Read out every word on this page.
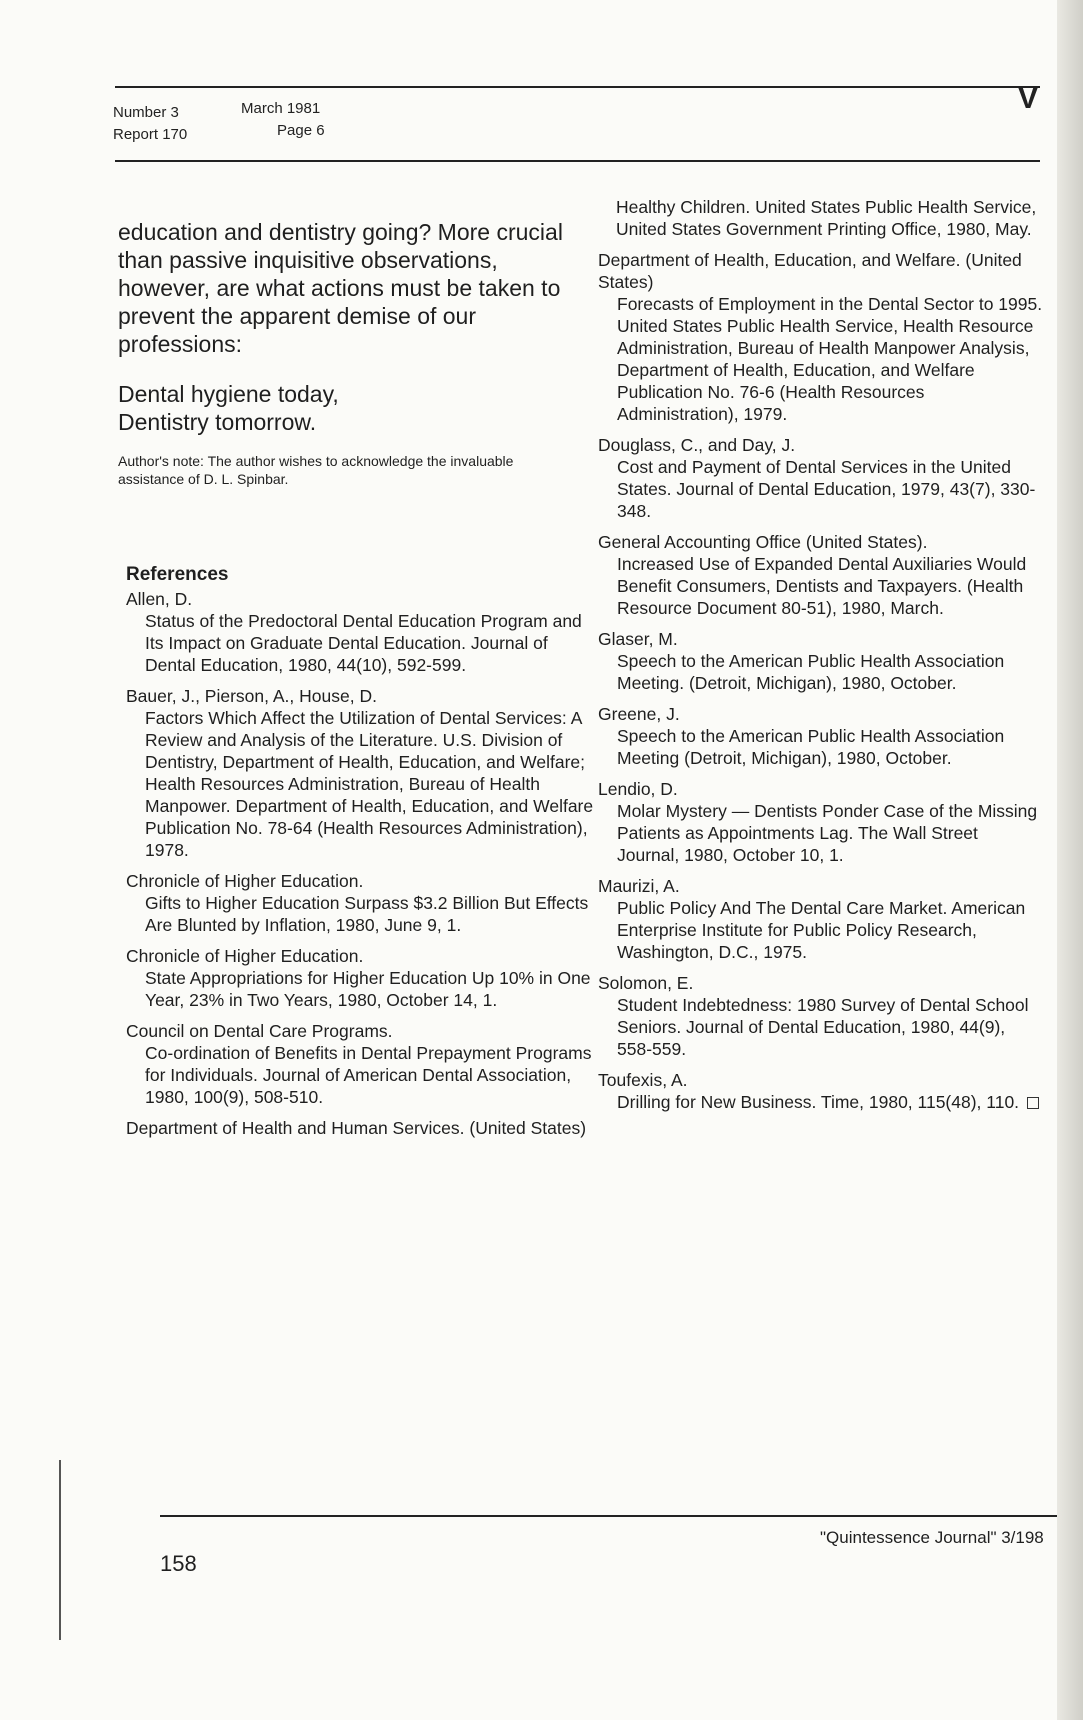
Number 3
Report 170
March 1981
Page 6
V

education and dentistry going? More crucial than passive inquisitive observations, however, are what actions must be taken to prevent the apparent demise of our professions:

Dental hygiene today,

Dentistry tomorrow.

Author's note: The author wishes to acknowledge the invaluable assistance of D. L. Spinbar.

References
Allen, D.
Status of the Predoctoral Dental Education Program and Its Impact on Graduate Dental Education. Journal of Dental Education, 1980, 44(10), 592-599.
Bauer, J., Pierson, A., House, D.
Factors Which Affect the Utilization of Dental Services: A Review and Analysis of the Literature. U.S. Division of Dentistry, Department of Health, Education, and Welfare; Health Resources Administration, Bureau of Health Manpower. Department of Health, Education, and Welfare Publication No. 78-64 (Health Resources Administration), 1978.
Chronicle of Higher Education.
Gifts to Higher Education Surpass $3.2 Billion But Effects Are Blunted by Inflation, 1980, June 9, 1.
Chronicle of Higher Education.
State Appropriations for Higher Education Up 10% in One Year, 23% in Two Years, 1980, October 14, 1.
Council on Dental Care Programs.
Co-ordination of Benefits in Dental Prepayment Programs for Individuals. Journal of American Dental Association, 1980, 100(9), 508-510.
Department of Health and Human Services. (United States)
Healthy Children. United States Public Health Service, United States Government Printing Office, 1980, May.
Department of Health, Education, and Welfare. (United States)
Forecasts of Employment in the Dental Sector to 1995. United States Public Health Service, Health Resource Administration, Bureau of Health Manpower Analysis, Department of Health, Education, and Welfare Publication No. 76-6 (Health Resources Administration), 1979.
Douglass, C., and Day, J.
Cost and Payment of Dental Services in the United States. Journal of Dental Education, 1979, 43(7), 330-348.
General Accounting Office (United States).
Increased Use of Expanded Dental Auxiliaries Would Benefit Consumers, Dentists and Taxpayers. (Health Resource Document 80-51), 1980, March.
Glaser, M.
Speech to the American Public Health Association Meeting. (Detroit, Michigan), 1980, October.
Greene, J.
Speech to the American Public Health Association Meeting (Detroit, Michigan), 1980, October.
Lendio, D.
Molar Mystery — Dentists Ponder Case of the Missing Patients as Appointments Lag. The Wall Street Journal, 1980, October 10, 1.
Maurizi, A.
Public Policy And The Dental Care Market. American Enterprise Institute for Public Policy Research, Washington, D.C., 1975.
Solomon, E.
Student Indebtedness: 1980 Survey of Dental School Seniors. Journal of Dental Education, 1980, 44(9), 558-559.
Toufexis, A.
Drilling for New Business. Time, 1980, 115(48), 110.
"Quintessence Journal" 3/198
158
